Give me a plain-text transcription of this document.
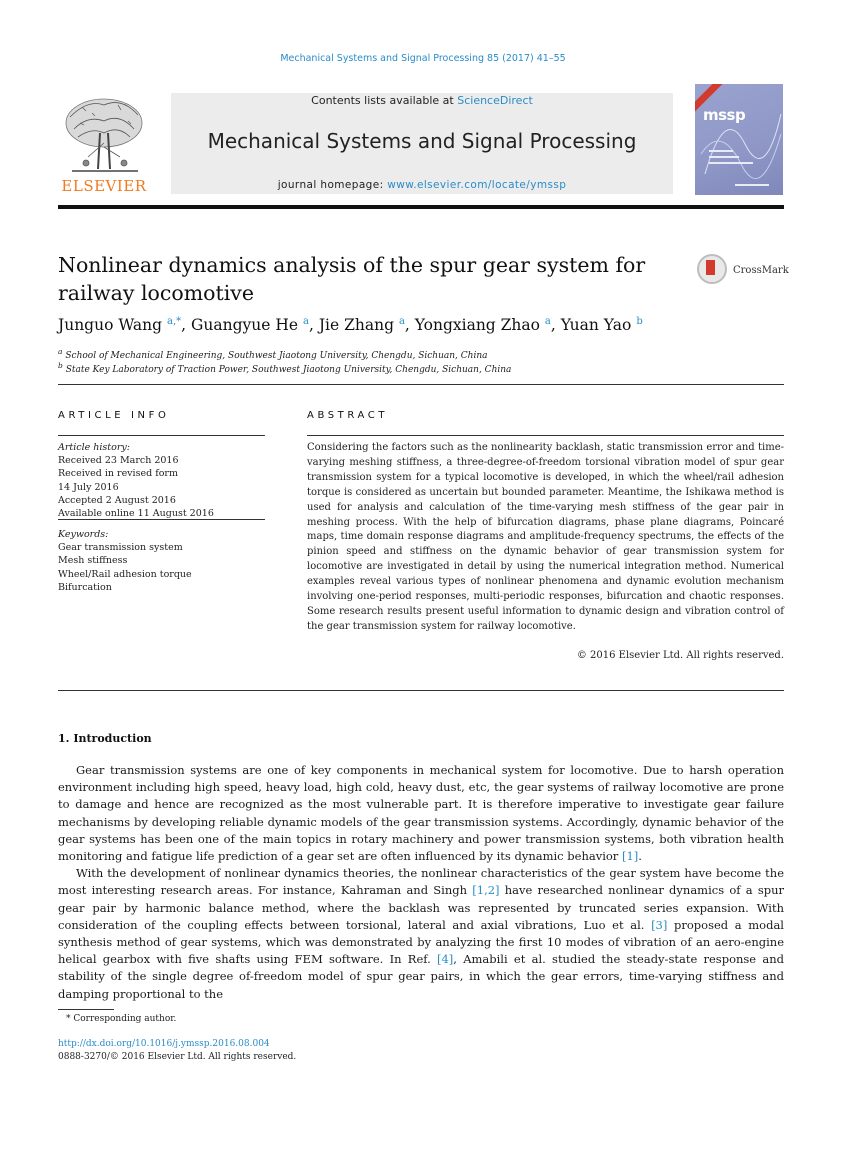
Mechanical Systems and Signal Processing 85 (2017) 41–55
ELSEVIER
Contents lists available at ScienceDirect
Mechanical Systems and Signal Processing
journal homepage: www.elsevier.com/locate/ymssp
mssp
Nonlinear dynamics analysis of the spur gear system for railway locomotive
CrossMark
Junguo Wang $^{a,*}$, Guangyue He $^a$, Jie Zhang $^a$, Yongxiang Zhao $^a$, Yuan Yao $^b$
$^a$ School of Mechanical Engineering, Southwest Jiaotong University, Chengdu, Sichuan, China
$^b$ State Key Laboratory of Traction Power, Southwest Jiaotong University, Chengdu, Sichuan, China
ARTICLE INFO
Article history:
Received 23 March 2016
Received in revised form
14 July 2016
Accepted 2 August 2016
Available online 11 August 2016
Keywords:
Gear transmission system
Mesh stiffness
Wheel/Rail adhesion torque
Bifurcation
ABSTRACT
Considering the factors such as the nonlinearity backlash, static transmission error and time-varying meshing stiffness, a three-degree-of-freedom torsional vibration model of spur gear transmission system for a typical locomotive is developed, in which the wheel/rail adhesion torque is considered as uncertain but bounded parameter. Meantime, the Ishikawa method is used for analysis and calculation of the time-varying mesh stiffness of the gear pair in meshing process. With the help of bifurcation diagrams, phase plane diagrams, Poincaré maps, time domain response diagrams and amplitude-frequency spectrums, the effects of the pinion speed and stiffness on the dynamic behavior of gear transmission system for locomotive are investigated in detail by using the numerical integration method. Numerical examples reveal various types of nonlinear phenomena and dynamic evolution mechanism involving one-period responses, multi-periodic responses, bifurcation and chaotic responses. Some research results present useful information to dynamic design and vibration control of the gear transmission system for railway locomotive.
© 2016 Elsevier Ltd. All rights reserved.
1. Introduction

Gear transmission systems are one of key components in mechanical system for locomotive. Due to harsh operation environment including high speed, heavy load, high cold, heavy dust, etc, the gear systems of railway locomotive are prone to damage and hence are recognized as the most vulnerable part. It is therefore imperative to investigate gear failure mechanisms by developing reliable dynamic models of the gear transmission systems. Accordingly, dynamic behavior of the gear systems has been one of the main topics in rotary machinery and power transmission systems, both vibration health monitoring and fatigue life prediction of a gear set are often influenced by its dynamic behavior [1].

With the development of nonlinear dynamics theories, the nonlinear characteristics of the gear system have become the most interesting research areas. For instance, Kahraman and Singh [1,2] have researched nonlinear dynamics of a spur gear pair by harmonic balance method, where the backlash was represented by truncated series expansion. With consideration of the coupling effects between torsional, lateral and axial vibrations, Luo et al. [3] proposed a modal synthesis method of gear systems, which was demonstrated by analyzing the first 10 modes of vibration of an aero-engine helical gearbox with five shafts using FEM software. In Ref. [4], Amabili et al. studied the steady-state response and stability of the single degree of-freedom model of spur gear pairs, in which the gear errors, time-varying stiffness and damping proportional to the

* Corresponding author.
http://dx.doi.org/10.1016/j.ymssp.2016.08.004
0888-3270/© 2016 Elsevier Ltd. All rights reserved.
